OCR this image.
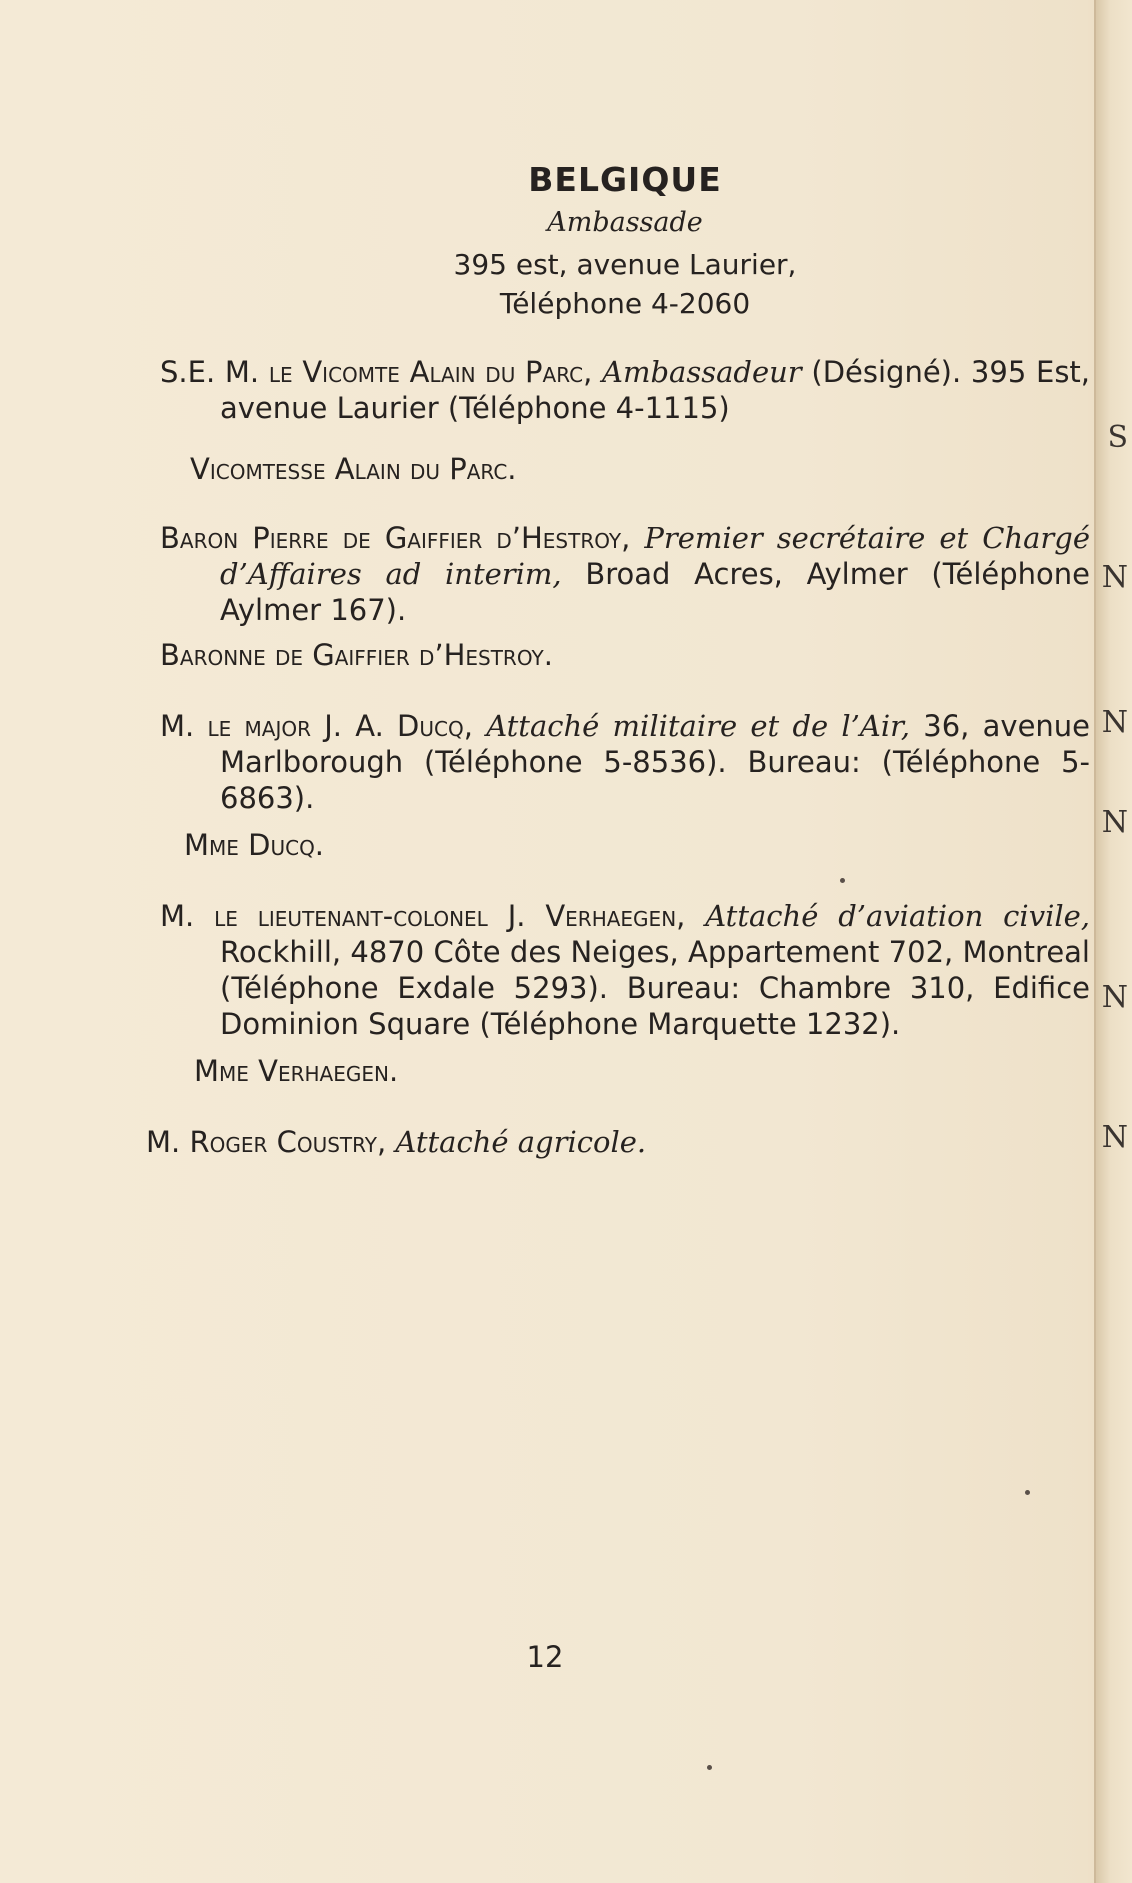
S
N
N
N
N
N
BELGIQUE
Ambassade
395 est, avenue Laurier,
Téléphone 4-2060

S.E. M. le Vicomte Alain du Parc, Ambassadeur (Désigné). 395 Est, avenue Laurier (Téléphone 4-1115)

Vicomtesse Alain du Parc.

Baron Pierre de Gaiffier d’Hestroy, Premier secrétaire et Chargé d’Affaires ad interim, Broad Acres, Aylmer (Téléphone Aylmer 167).

Baronne de Gaiffier d’Hestroy.

M. le major J. A. Ducq, Attaché militaire et de l’Air, 36, avenue Marlborough (Téléphone 5-8536). Bureau: (Téléphone 5-6863).

Mme Ducq.

M. le lieutenant-colonel J. Verhaegen, Attaché d’aviation civile, Rockhill, 4870 Côte des Neiges, Appartement 702, Montreal (Téléphone Exdale 5293). Bureau: Chambre 310, Edifice Dominion Square (Téléphone Marquette 1232).

Mme Verhaegen.

M. Roger Coustry, Attaché agricole.

12
